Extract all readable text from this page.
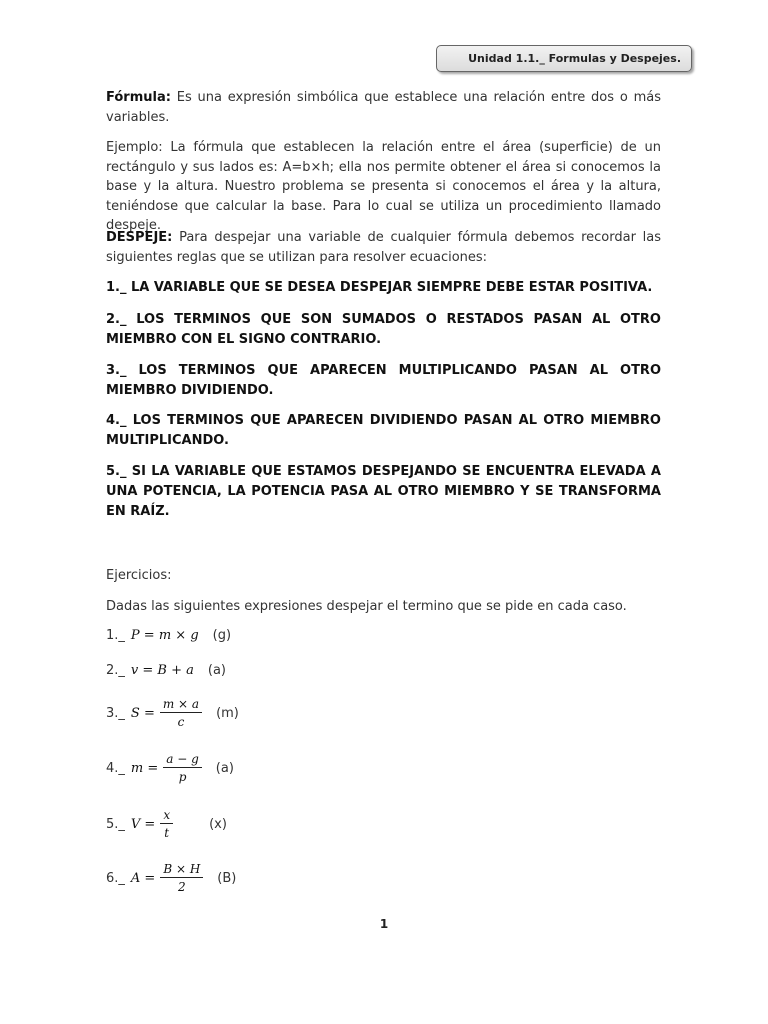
Unidad 1.1._ Formulas y Despejes.
Fórmula: Es una expresión simbólica que establece una relación entre dos o más variables.
Ejemplo: La fórmula que establecen la relación entre el área (superficie) de un rectángulo y sus lados es: A=b×h; ella nos permite obtener el área si conocemos la base y la altura. Nuestro problema se presenta si conocemos el área y la altura, teniéndose que calcular la base. Para lo cual se utiliza un procedimiento llamado despeje.
DESPEJE: Para despejar una variable de cualquier fórmula debemos recordar las siguientes reglas que se utilizan para resolver ecuaciones:
1._ LA VARIABLE QUE SE DESEA DESPEJAR SIEMPRE DEBE ESTAR POSITIVA.
2._ LOS TERMINOS QUE SON SUMADOS O RESTADOS PASAN AL OTRO MIEMBRO CON EL SIGNO CONTRARIO.
3._ LOS TERMINOS QUE APARECEN MULTIPLICANDO PASAN AL OTRO MIEMBRO DIVIDIENDO.
4._ LOS TERMINOS QUE APARECEN DIVIDIENDO PASAN AL OTRO MIEMBRO MULTIPLICANDO.
5._ SI LA VARIABLE QUE ESTAMOS DESPEJANDO SE ENCUENTRA ELEVADA A UNA POTENCIA, LA POTENCIA PASA AL OTRO MIEMBRO Y SE TRANSFORMA EN RAÍZ.
Ejercicios:
Dadas las siguientes expresiones despejar el termino que se pide en cada caso.
1._ P =
m × g (g)
2._ v =
B + a (a)
3._ $S = \frac{m \times a}{c} (m)$
4._ $m = \frac{a - g}{p} (a)$
5._ $V = \frac{x}{t}$	(x)
6._ $A = \frac{B \times H}{2} (B)$
1
